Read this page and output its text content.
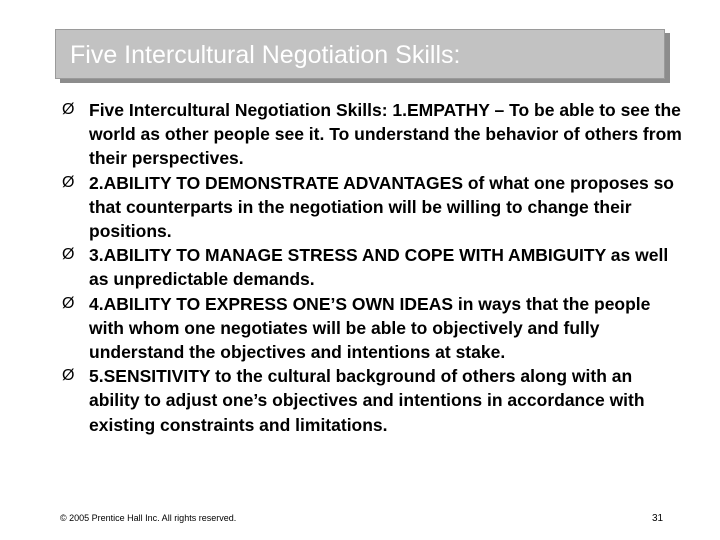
Five Intercultural Negotiation Skills:
Ø Five Intercultural Negotiation Skills: 1.EMPATHY – To be able to see the world as other people see it. To understand the behavior of others from their perspectives.
Ø 2.ABILITY TO DEMONSTRATE ADVANTAGES of what one proposes so that counterparts in the negotiation will be willing to change their positions.
Ø 3.ABILITY TO MANAGE STRESS AND COPE WITH AMBIGUITY as well as unpredictable demands.
Ø 4.ABILITY TO EXPRESS ONE’S OWN IDEAS in ways that the people with whom one negotiates will be able to objectively and fully understand the objectives and intentions at stake.
Ø 5.SENSITIVITY to the cultural background of others along with an ability to adjust one’s objectives and intentions in accordance with existing constraints and limitations.
© 2005 Prentice Hall Inc. All rights reserved.	31
